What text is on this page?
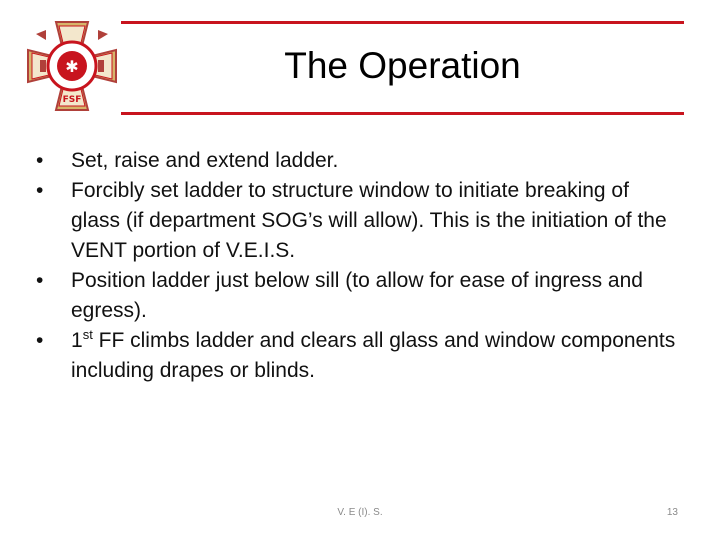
✱
FSF
The Operation
•	Set, raise and extend ladder.
•	Forcibly set ladder to structure window to initiate breaking of glass (if department SOG’s will allow). This is the initiation of the VENT portion of V.E.I.S.
•	Position ladder just below sill (to allow for ease of ingress and egress).
•	1st FF climbs ladder and clears all glass and window components including drapes or blinds.
V. E (I). S.	13
